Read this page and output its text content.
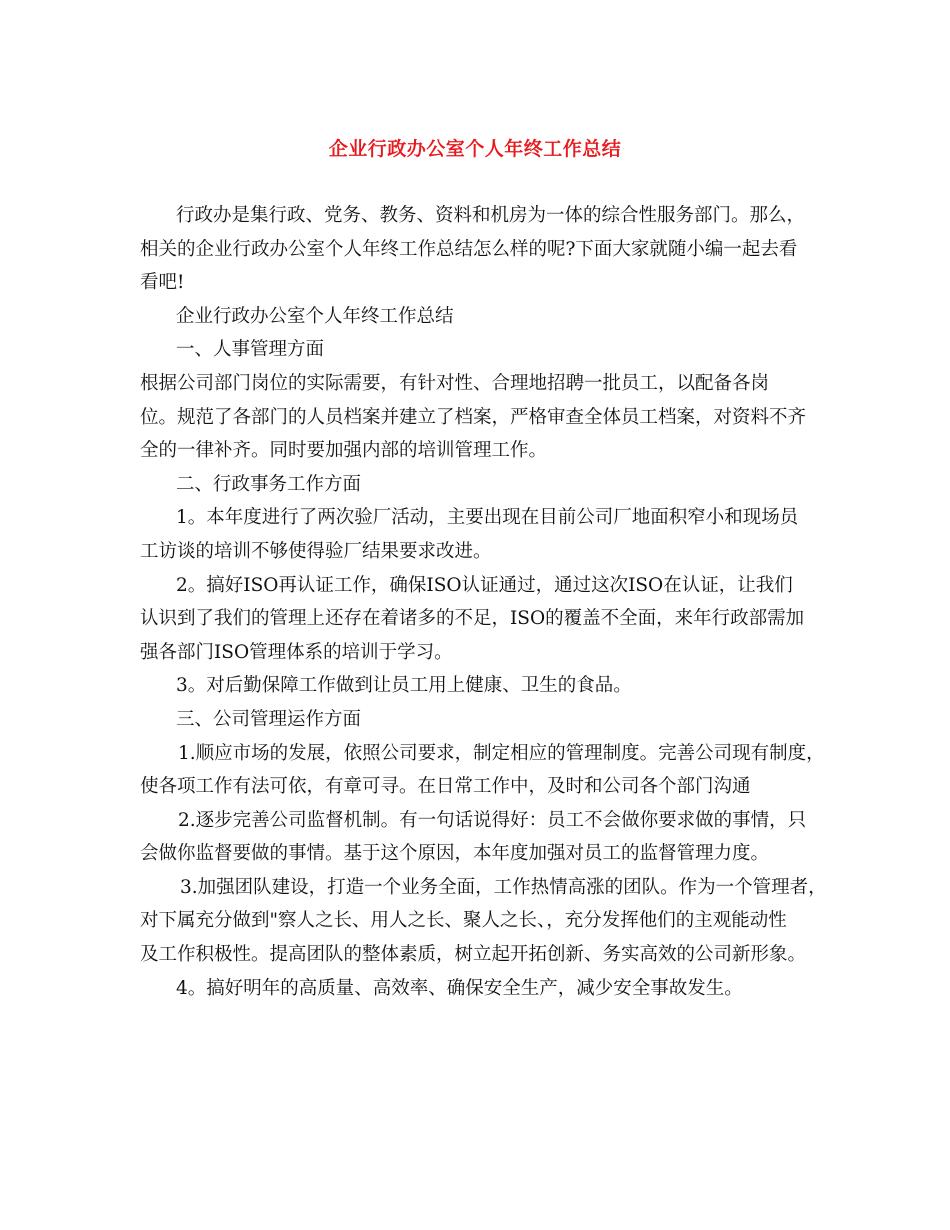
企业行政办公室个人年终工作总结
行政办是集行政、党务、教务、资料和机房为一体的综合性服务部门。那么，
相关的企业行政办公室个人年终工作总结怎么样的呢?下面大家就随小编一起去看
看吧!
企业行政办公室个人年终工作总结
一、人事管理方面
根据公司部门岗位的实际需要，有针对性、合理地招聘一批员工，以配备各岗
位。规范了各部门的人员档案并建立了档案，严格审查全体员工档案，对资料不齐
全的一律补齐。同时要加强内部的培训管理工作。
二、行政事务工作方面
1。本年度进行了两次验厂活动，主要出现在目前公司厂地面积窄小和现场员
工访谈的培训不够使得验厂结果要求改进。
2。搞好ISO再认证工作，确保ISO认证通过，通过这次ISO在认证，让我们
认识到了我们的管理上还存在着诸多的不足，ISO的覆盖不全面，来年行政部需加
强各部门ISO管理体系的培训于学习。
3。对后勤保障工作做到让员工用上健康、卫生的食品。
三、公司管理运作方面
1.顺应市场的发展，依照公司要求，制定相应的管理制度。完善公司现有制度，
使各项工作有法可依，有章可寻。在日常工作中，及时和公司各个部门沟通
2.逐步完善公司监督机制。有一句话说得好：员工不会做你要求做的事情，只
会做你监督要做的事情。基于这个原因，本年度加强对员工的监督管理力度。
3.加强团队建设，打造一个业务全面，工作热情高涨的团队。作为一个管理者，
对下属充分做到"察人之长、用人之长、聚人之长、，充分发挥他们的主观能动性
及工作积极性。提高团队的整体素质，树立起开拓创新、务实高效的公司新形象。
4。搞好明年的高质量、高效率、确保安全生产，减少安全事故发生。
